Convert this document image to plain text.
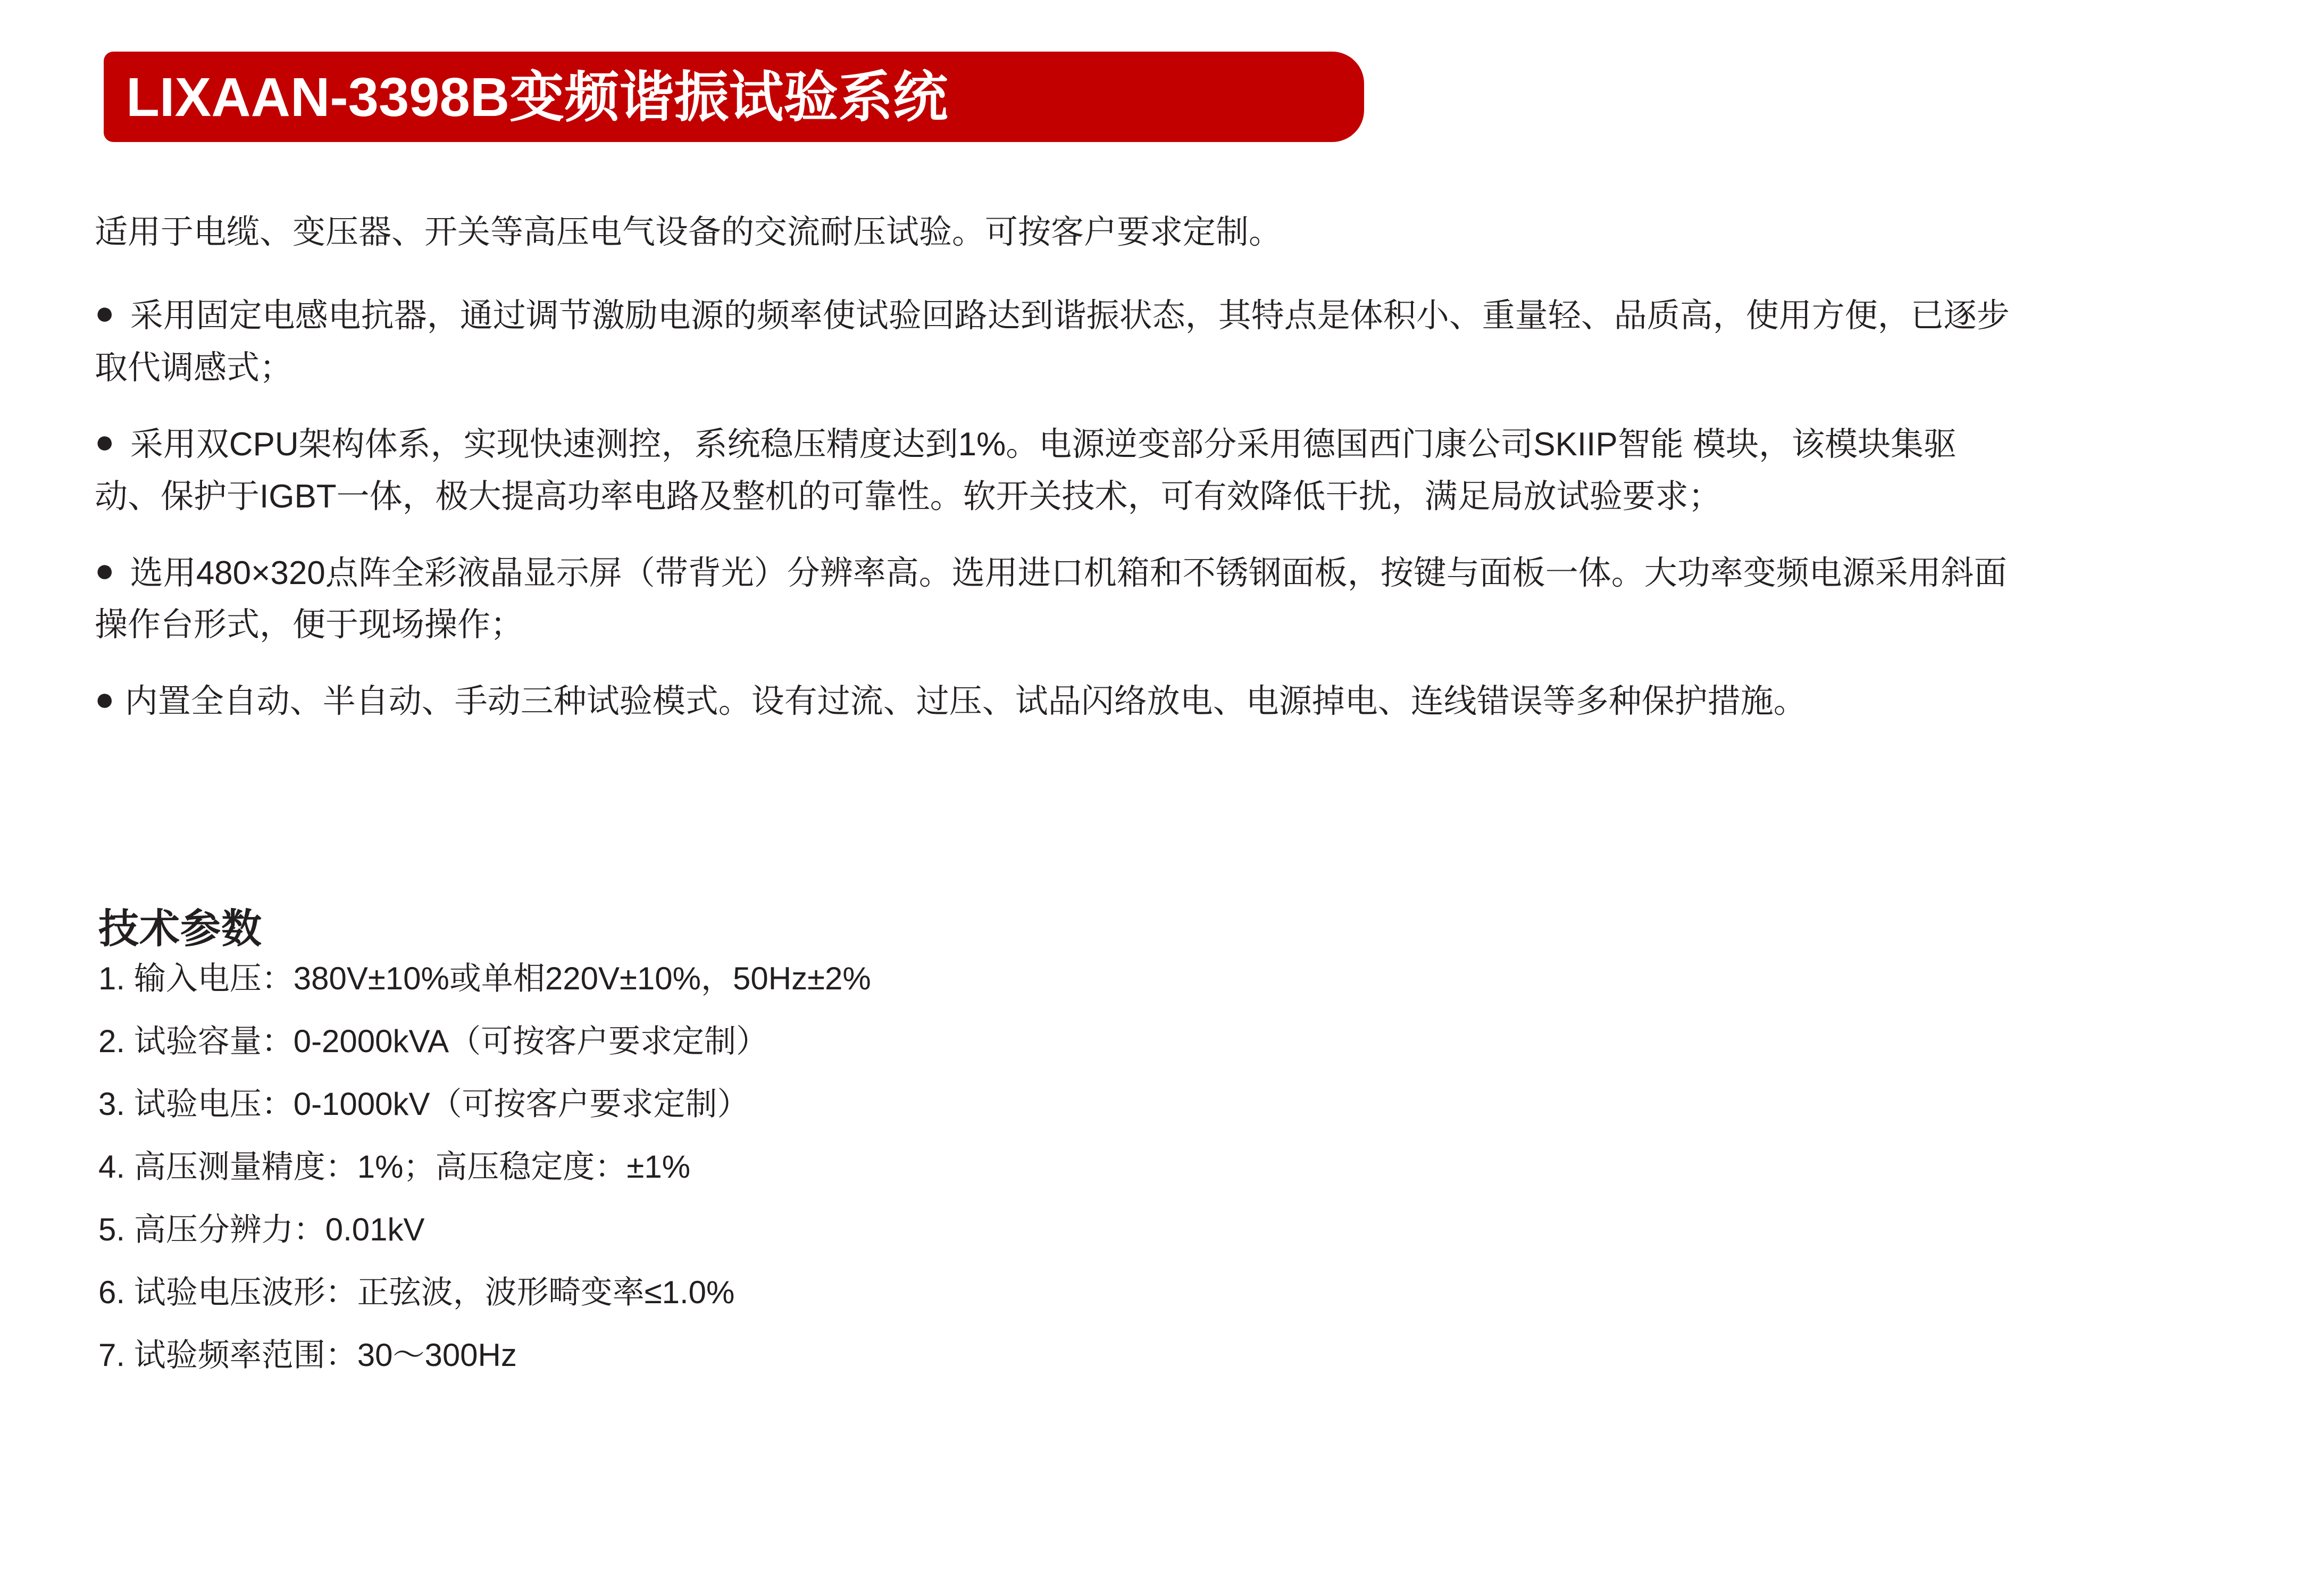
LIXAAN-3398B变频谐振试验系统

适用于电缆、变压器、开关等高压电气设备的交流耐压试验。可按客户要求定制。

● 采用固定电感电抗器，通过调节激励电源的频率使试验回路达到谐振状态，其特点是体积小、重量轻、品质高，使用方便，已逐步取代调感式；

● 采用双CPU架构体系，实现快速测控，系统稳压精度达到1%。电源逆变部分采用德国西门康公司SKIIP智能 模块，该模块集驱动、保护于IGBT一体，极大提高功率电路及整机的可靠性。软开关技术，可有效降低干扰，满足局放试验要求；

● 选用480×320点阵全彩液晶显示屏（带背光）分辨率高。选用进口机箱和不锈钢面板，按键与面板一体。大功率变频电源采用斜面操作台形式，便于现场操作；

● 内置全自动、半自动、手动三种试验模式。设有过流、过压、试品闪络放电、电源掉电、连线错误等多种保护措施。

技术参数
1. 输入电压：380V±10%或单相220V±10%，50Hz±2%
2. 试验容量：0-2000kVA（可按客户要求定制）
3. 试验电压：0-1000kV（可按客户要求定制）
4. 高压测量精度：1%；高压稳定度：±1%
5. 高压分辨力：0.01kV
6. 试验电压波形：正弦波，波形畸变率≤1.0%
7. 试验频率范围：30～300Hz
